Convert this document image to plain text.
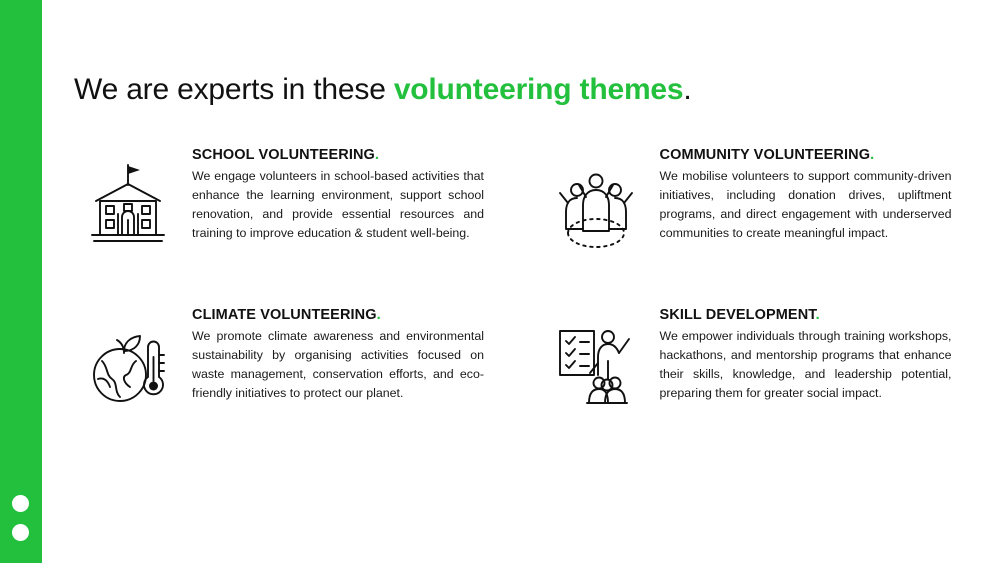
We are experts in these volunteering themes.
SCHOOL VOLUNTEERING.

We engage volunteers in school-based activities that enhance the learning environment, support school renovation, and provide essential resources and training to improve education & student well-being.

COMMUNITY VOLUNTEERING.

We mobilise volunteers to support community-driven initiatives, including donation drives, upliftment programs, and direct engagement with underserved communities to create meaningful impact.

CLIMATE VOLUNTEERING.

We promote climate awareness and environmental sustainability by organising activities focused on waste management, conservation efforts, and eco-friendly initiatives to protect our planet.

SKILL DEVELOPMENT.

We empower individuals through training workshops, hackathons, and mentorship programs that enhance their skills, knowledge, and leadership potential, preparing them for greater social impact.
